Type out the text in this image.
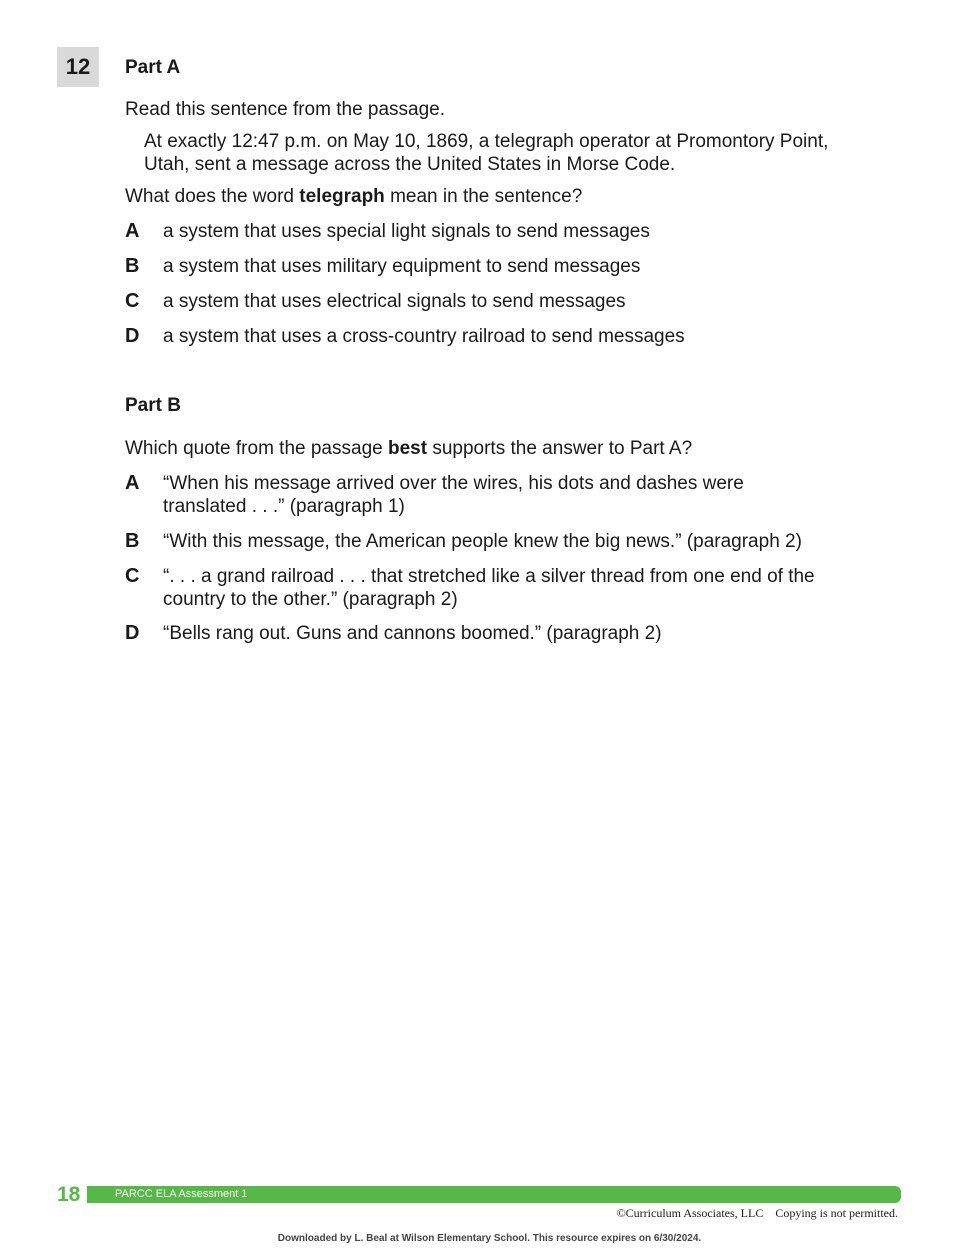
12	Part A
Read this sentence from the passage.
At exactly 12:47 p.m. on May 10, 1869, a telegraph operator at Promontory Point,
Utah, sent a message across the United States in Morse Code.
What does the word telegraph mean in the sentence?
A a system that uses special light signals to send messages
B a system that uses military equipment to send messages
C a system that uses electrical signals to send messages
D a system that uses a cross-country railroad to send messages
Part B
Which quote from the passage best supports the answer to Part A?
A “When his message arrived over the wires, his dots and dashes were
translated . . .” (paragraph 1)
B “With this message, the American people knew the big news.” (paragraph 2)
C “. . . a grand railroad . . . that stretched like a silver thread from one end of the
country to the other.” (paragraph 2)
D “Bells rang out. Guns and cannons boomed.” (paragraph 2)
18	PARCC ELA Assessment 1
©Curriculum Associates, LLC    Copying is not permitted.
Downloaded by L. Beal at Wilson Elementary School. This resource expires on 6/30/2024.
